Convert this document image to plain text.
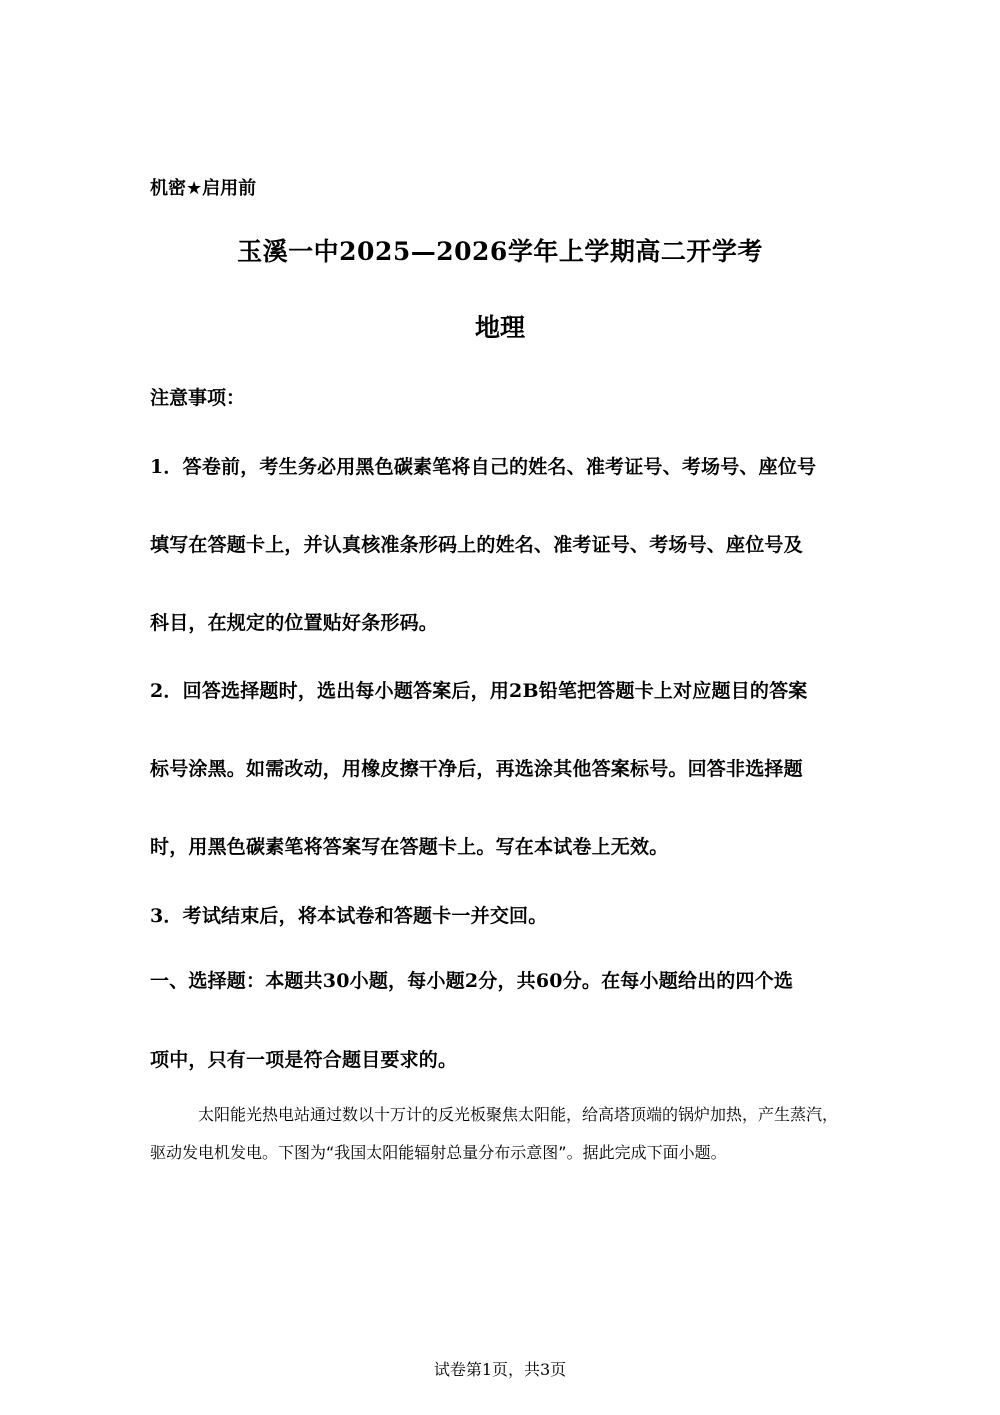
机密★启用前
玉溪一中2025—2026学年上学期高二开学考
地理
注意事项：
1．答卷前，考生务必用黑色碳素笔将自己的姓名、准考证号、考场号、座位号
填写在答题卡上，并认真核准条形码上的姓名、准考证号、考场号、座位号及
科目，在规定的位置贴好条形码。
2．回答选择题时，选出每小题答案后，用2B铅笔把答题卡上对应题目的答案
标号涂黑。如需改动，用橡皮擦干净后，再选涂其他答案标号。回答非选择题
时，用黑色碳素笔将答案写在答题卡上。写在本试卷上无效。
3．考试结束后，将本试卷和答题卡一并交回。
一、选择题：本题共30小题，每小题2分，共60分。在每小题给出的四个选
项中，只有一项是符合题目要求的。
太阳能光热电站通过数以十万计的反光板聚焦太阳能，给高塔顶端的锅炉加热，产生蒸汽，驱动发电机发电。下图为“我国太阳能辐射总量分布示意图”。据此完成下面小题。
试卷第1页，共3页
